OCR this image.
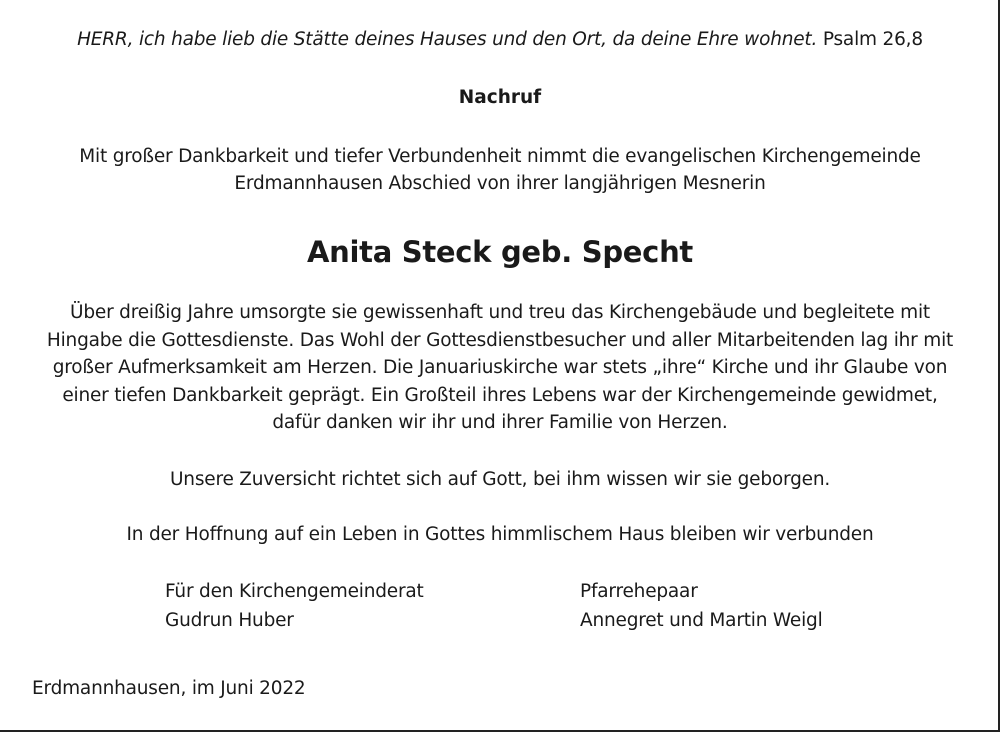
HERR, ich habe lieb die Stätte deines Hauses und den Ort, da deine Ehre wohnet. Psalm 26,8
Nachruf
Mit großer Dankbarkeit und tiefer Verbundenheit nimmt die evangelischen Kirchengemeinde
Erdmannhausen Abschied von ihrer langjährigen Mesnerin
Anita Steck geb. Specht
Über dreißig Jahre umsorgte sie gewissenhaft und treu das Kirchengebäude und begleitete mit
Hingabe die Gottesdienste. Das Wohl der Gottesdienstbesucher und aller Mitarbeitenden lag ihr mit
großer Aufmerksamkeit am Herzen. Die Januariuskirche war stets „ihre“ Kirche und ihr Glaube von
einer tiefen Dankbarkeit geprägt. Ein Großteil ihres Lebens war der Kirchengemeinde gewidmet,
dafür danken wir ihr und ihrer Familie von Herzen.
Unsere Zuversicht richtet sich auf Gott, bei ihm wissen wir sie geborgen.
In der Hoffnung auf ein Leben in Gottes himmlischem Haus bleiben wir verbunden
Für den Kirchengemeinderat
Gudrun Huber
Pfarrehepaar
Annegret und Martin Weigl
Erdmannhausen, im Juni 2022
